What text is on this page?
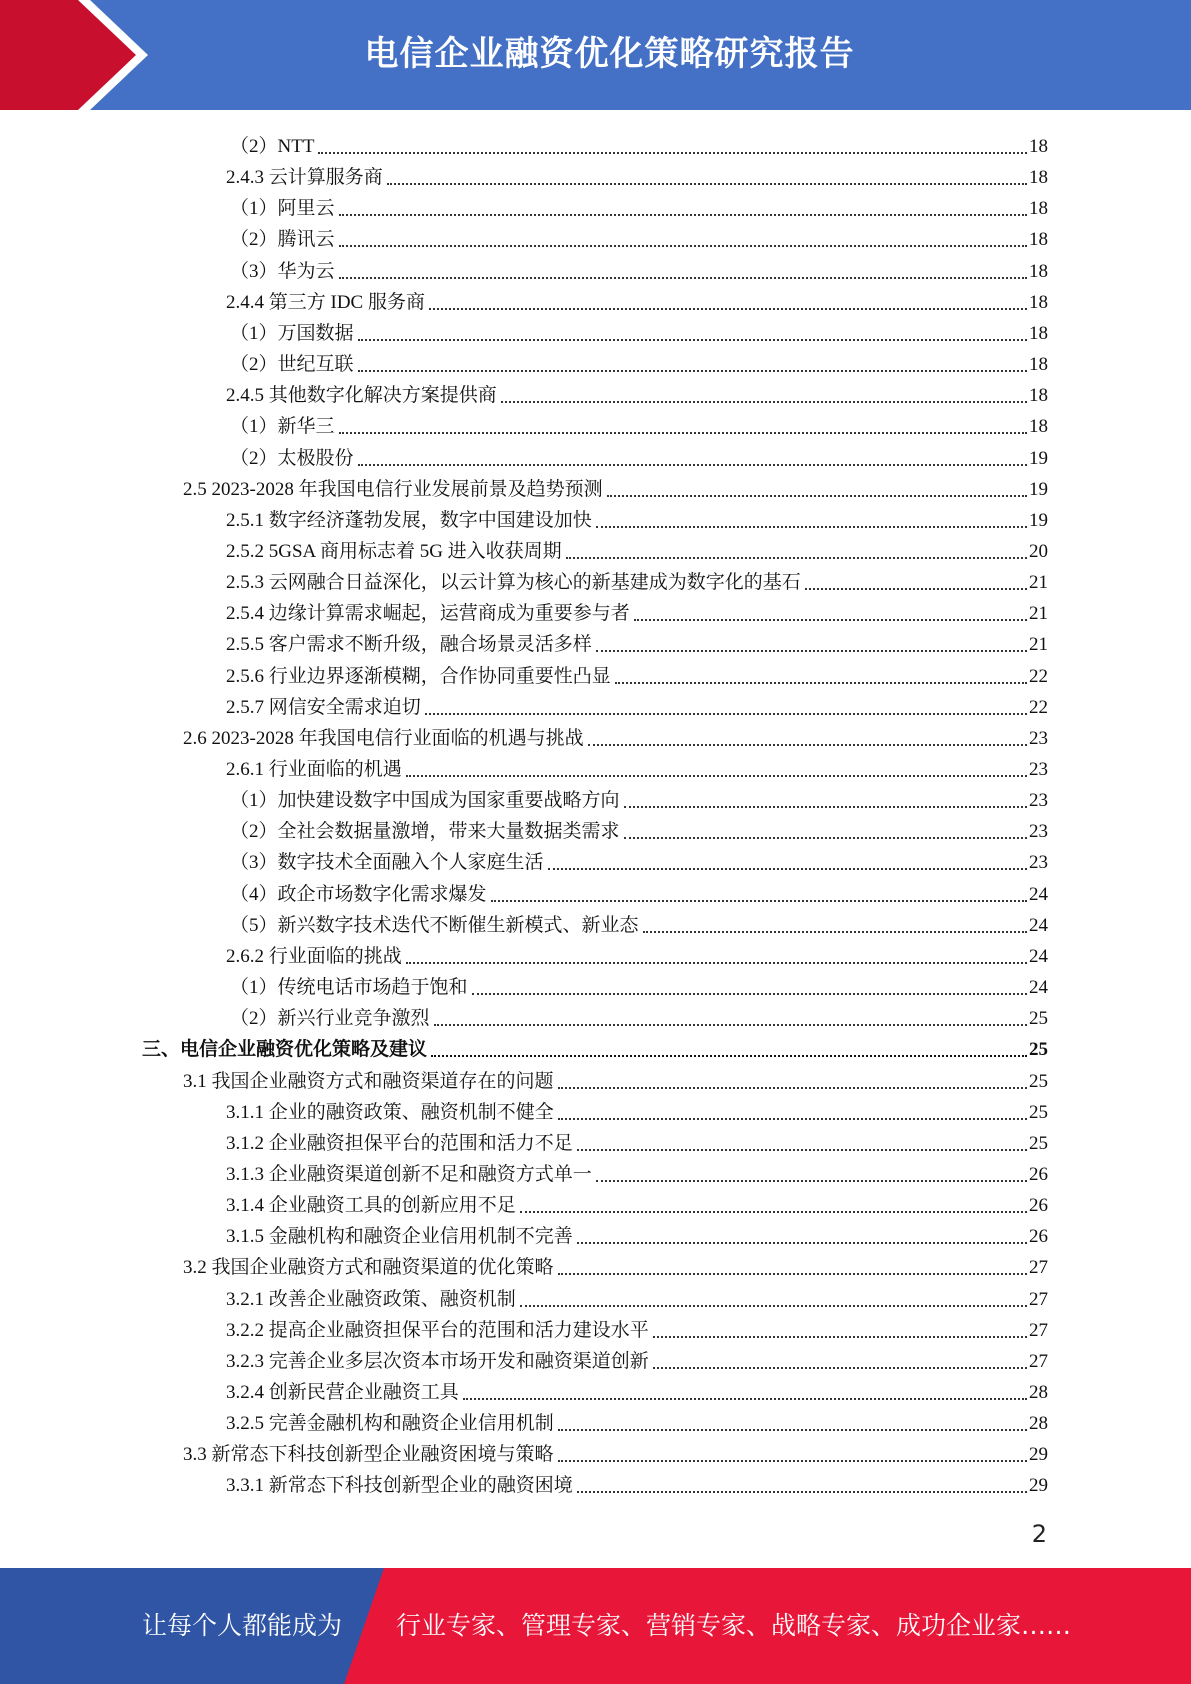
电信企业融资优化策略研究报告
（2）NTT	18
2.4.3 云计算服务商	18
（1）阿里云	18
（2）腾讯云	18
（3）华为云	18
2.4.4 第三方 IDC 服务商	18
（1）万国数据	18
（2）世纪互联	18
2.4.5 其他数字化解决方案提供商	18
（1）新华三	18
（2）太极股份	19
2.5 2023-2028 年我国电信行业发展前景及趋势预测	19
2.5.1 数字经济蓬勃发展，数字中国建设加快	19
2.5.2 5GSA 商用标志着 5G 进入收获周期	20
2.5.3 云网融合日益深化，以云计算为核心的新基建成为数字化的基石	21
2.5.4 边缘计算需求崛起，运营商成为重要参与者	21
2.5.5 客户需求不断升级，融合场景灵活多样	21
2.5.6 行业边界逐渐模糊，合作协同重要性凸显	22
2.5.7 网信安全需求迫切	22
2.6 2023-2028 年我国电信行业面临的机遇与挑战	23
2.6.1 行业面临的机遇	23
（1）加快建设数字中国成为国家重要战略方向	23
（2）全社会数据量激增，带来大量数据类需求	23
（3）数字技术全面融入个人家庭生活	23
（4）政企市场数字化需求爆发	24
（5）新兴数字技术迭代不断催生新模式、新业态	24
2.6.2 行业面临的挑战	24
（1）传统电话市场趋于饱和	24
（2）新兴行业竞争激烈	25
三、电信企业融资优化策略及建议	25
3.1 我国企业融资方式和融资渠道存在的问题	25
3.1.1 企业的融资政策、融资机制不健全	25
3.1.2 企业融资担保平台的范围和活力不足	25
3.1.3 企业融资渠道创新不足和融资方式单一	26
3.1.4 企业融资工具的创新应用不足	26
3.1.5 金融机构和融资企业信用机制不完善	26
3.2 我国企业融资方式和融资渠道的优化策略	27
3.2.1 改善企业融资政策、融资机制	27
3.2.2 提高企业融资担保平台的范围和活力建设水平	27
3.2.3 完善企业多层次资本市场开发和融资渠道创新	27
3.2.4 创新民营企业融资工具	28
3.2.5 完善金融机构和融资企业信用机制	28
3.3 新常态下科技创新型企业融资困境与策略	29
3.3.1 新常态下科技创新型企业的融资困境	29
2
让每个人都能成为 行业专家、管理专家、营销专家、战略专家、成功企业家……
